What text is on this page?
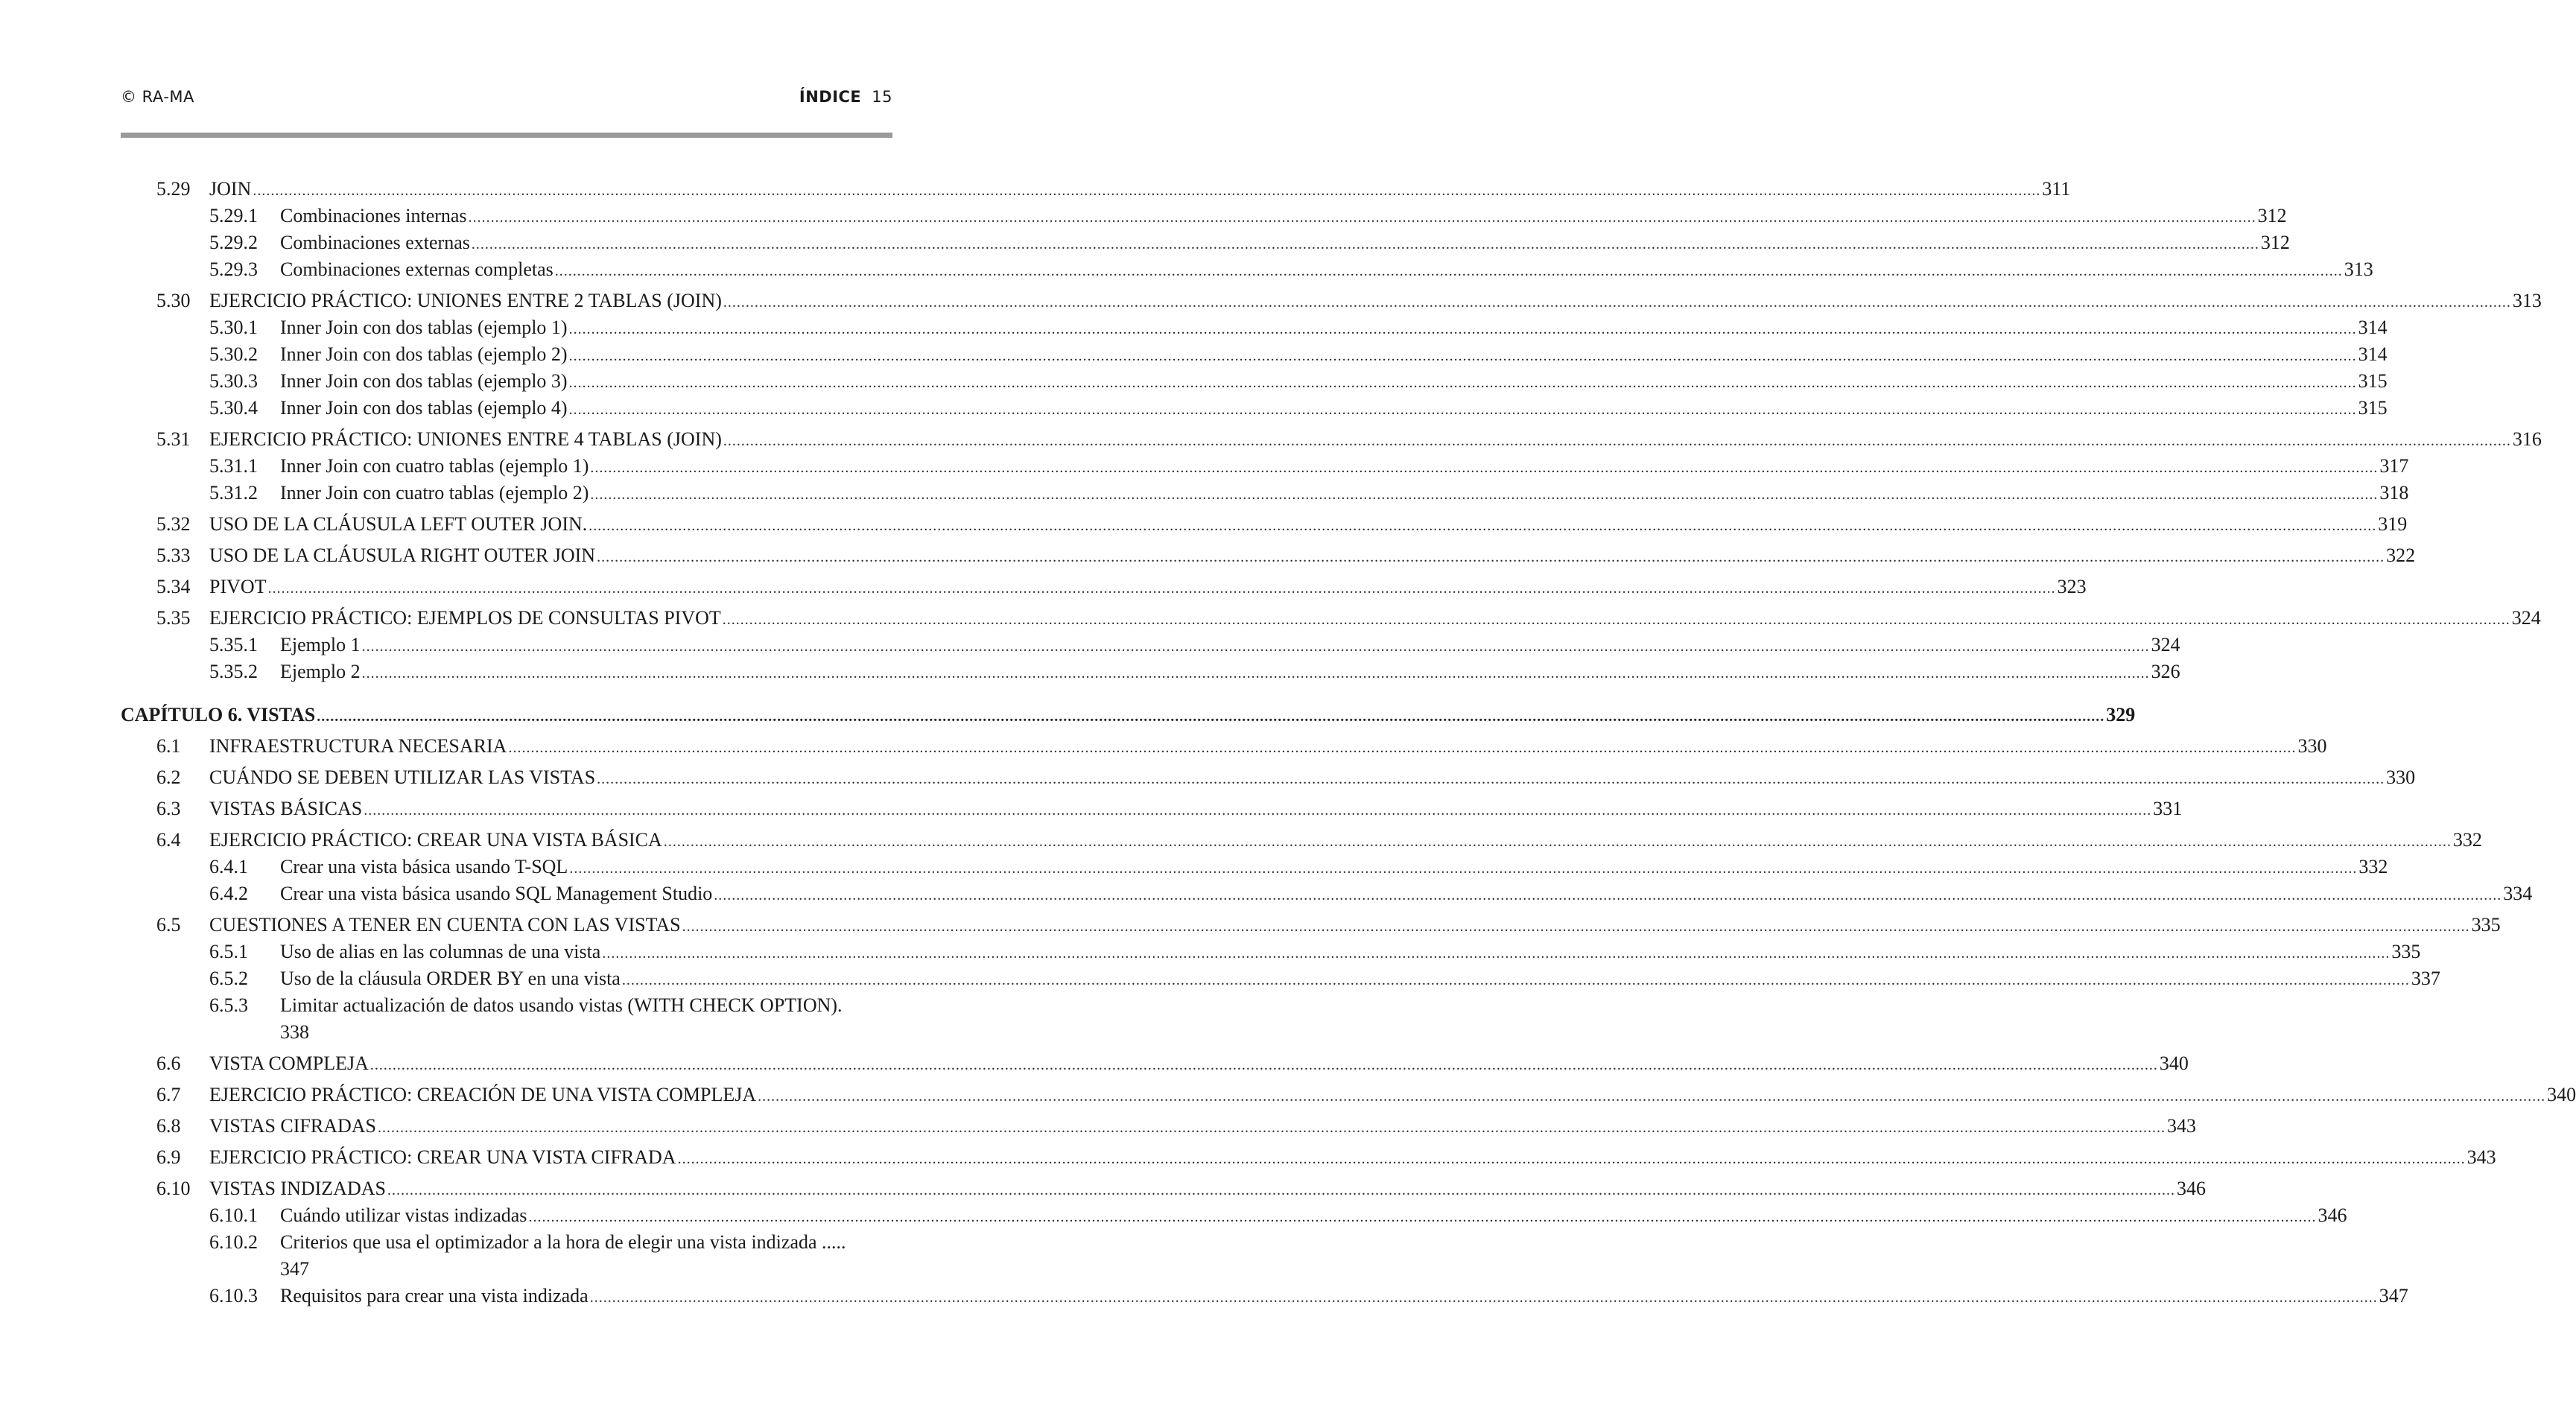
© RA-MA	ÍNDICE 15
5.29 JOIN ................................................................................................................................................................................................................................................................................................................................................................................................................ 311
5.29.1 Combinaciones internas ................................................................................................................................................................................................................................................................................................................................................................................................................ 312
5.29.2 Combinaciones externas ................................................................................................................................................................................................................................................................................................................................................................................................................ 312
5.29.3 Combinaciones externas completas ................................................................................................................................................................................................................................................................................................................................................................................................................ 313
5.30 EJERCICIO PRÁCTICO: UNIONES ENTRE 2 TABLAS (JOIN) ................................................................................................................................................................................................................................................................................................................................................................................................................ 313
5.30.1 Inner Join con dos tablas (ejemplo 1) ................................................................................................................................................................................................................................................................................................................................................................................................................ 314
5.30.2 Inner Join con dos tablas (ejemplo 2) ................................................................................................................................................................................................................................................................................................................................................................................................................ 314
5.30.3 Inner Join con dos tablas (ejemplo 3) ................................................................................................................................................................................................................................................................................................................................................................................................................ 315
5.30.4 Inner Join con dos tablas (ejemplo 4) ................................................................................................................................................................................................................................................................................................................................................................................................................ 315
5.31 EJERCICIO PRÁCTICO: UNIONES ENTRE 4 TABLAS (JOIN) ................................................................................................................................................................................................................................................................................................................................................................................................................ 316
5.31.1 Inner Join con cuatro tablas (ejemplo 1) ................................................................................................................................................................................................................................................................................................................................................................................................................ 317
5.31.2 Inner Join con cuatro tablas (ejemplo 2) ................................................................................................................................................................................................................................................................................................................................................................................................................ 318
5.32 USO DE LA CLÁUSULA LEFT OUTER JOIN. ................................................................................................................................................................................................................................................................................................................................................................................................................ 319
5.33 USO DE LA CLÁUSULA RIGHT OUTER JOIN ................................................................................................................................................................................................................................................................................................................................................................................................................ 322
5.34 PIVOT ................................................................................................................................................................................................................................................................................................................................................................................................................ 323
5.35 EJERCICIO PRÁCTICO: EJEMPLOS DE CONSULTAS PIVOT ................................................................................................................................................................................................................................................................................................................................................................................................................ 324
5.35.1 Ejemplo 1 ................................................................................................................................................................................................................................................................................................................................................................................................................ 324
5.35.2 Ejemplo 2 ................................................................................................................................................................................................................................................................................................................................................................................................................ 326
CAPÍTULO 6. VISTAS ................................................................................................................................................................................................................................................................................................................................................................................................................ 329
6.1 INFRAESTRUCTURA NECESARIA ................................................................................................................................................................................................................................................................................................................................................................................................................ 330
6.2 CUÁNDO SE DEBEN UTILIZAR LAS VISTAS ................................................................................................................................................................................................................................................................................................................................................................................................................ 330
6.3 VISTAS BÁSICAS ................................................................................................................................................................................................................................................................................................................................................................................................................ 331
6.4 EJERCICIO PRÁCTICO: CREAR UNA VISTA BÁSICA ................................................................................................................................................................................................................................................................................................................................................................................................................ 332
6.4.1 Crear una vista básica usando T-SQL ................................................................................................................................................................................................................................................................................................................................................................................................................ 332
6.4.2 Crear una vista básica usando SQL Management Studio ................................................................................................................................................................................................................................................................................................................................................................................................................ 334
6.5 CUESTIONES A TENER EN CUENTA CON LAS VISTAS ................................................................................................................................................................................................................................................................................................................................................................................................................ 335
6.5.1 Uso de alias en las columnas de una vista ................................................................................................................................................................................................................................................................................................................................................................................................................ 335
6.5.2 Uso de la cláusula ORDER BY en una vista ................................................................................................................................................................................................................................................................................................................................................................................................................ 337
6.5.3 Limitar actualización de datos usando vistas (WITH CHECK OPTION).
338
6.6 VISTA COMPLEJA ................................................................................................................................................................................................................................................................................................................................................................................................................ 340
6.7 EJERCICIO PRÁCTICO: CREACIÓN DE UNA VISTA COMPLEJA ................................................................................................................................................................................................................................................................................................................................................................................................................ 340
6.8 VISTAS CIFRADAS ................................................................................................................................................................................................................................................................................................................................................................................................................ 343
6.9 EJERCICIO PRÁCTICO: CREAR UNA VISTA CIFRADA ................................................................................................................................................................................................................................................................................................................................................................................................................ 343
6.10 VISTAS INDIZADAS ................................................................................................................................................................................................................................................................................................................................................................................................................ 346
6.10.1 Cuándo utilizar vistas indizadas ................................................................................................................................................................................................................................................................................................................................................................................................................ 346
6.10.2 Criterios que usa el optimizador a la hora de elegir una vista indizada .....
347
6.10.3 Requisitos para crear una vista indizada ................................................................................................................................................................................................................................................................................................................................................................................................................ 347
